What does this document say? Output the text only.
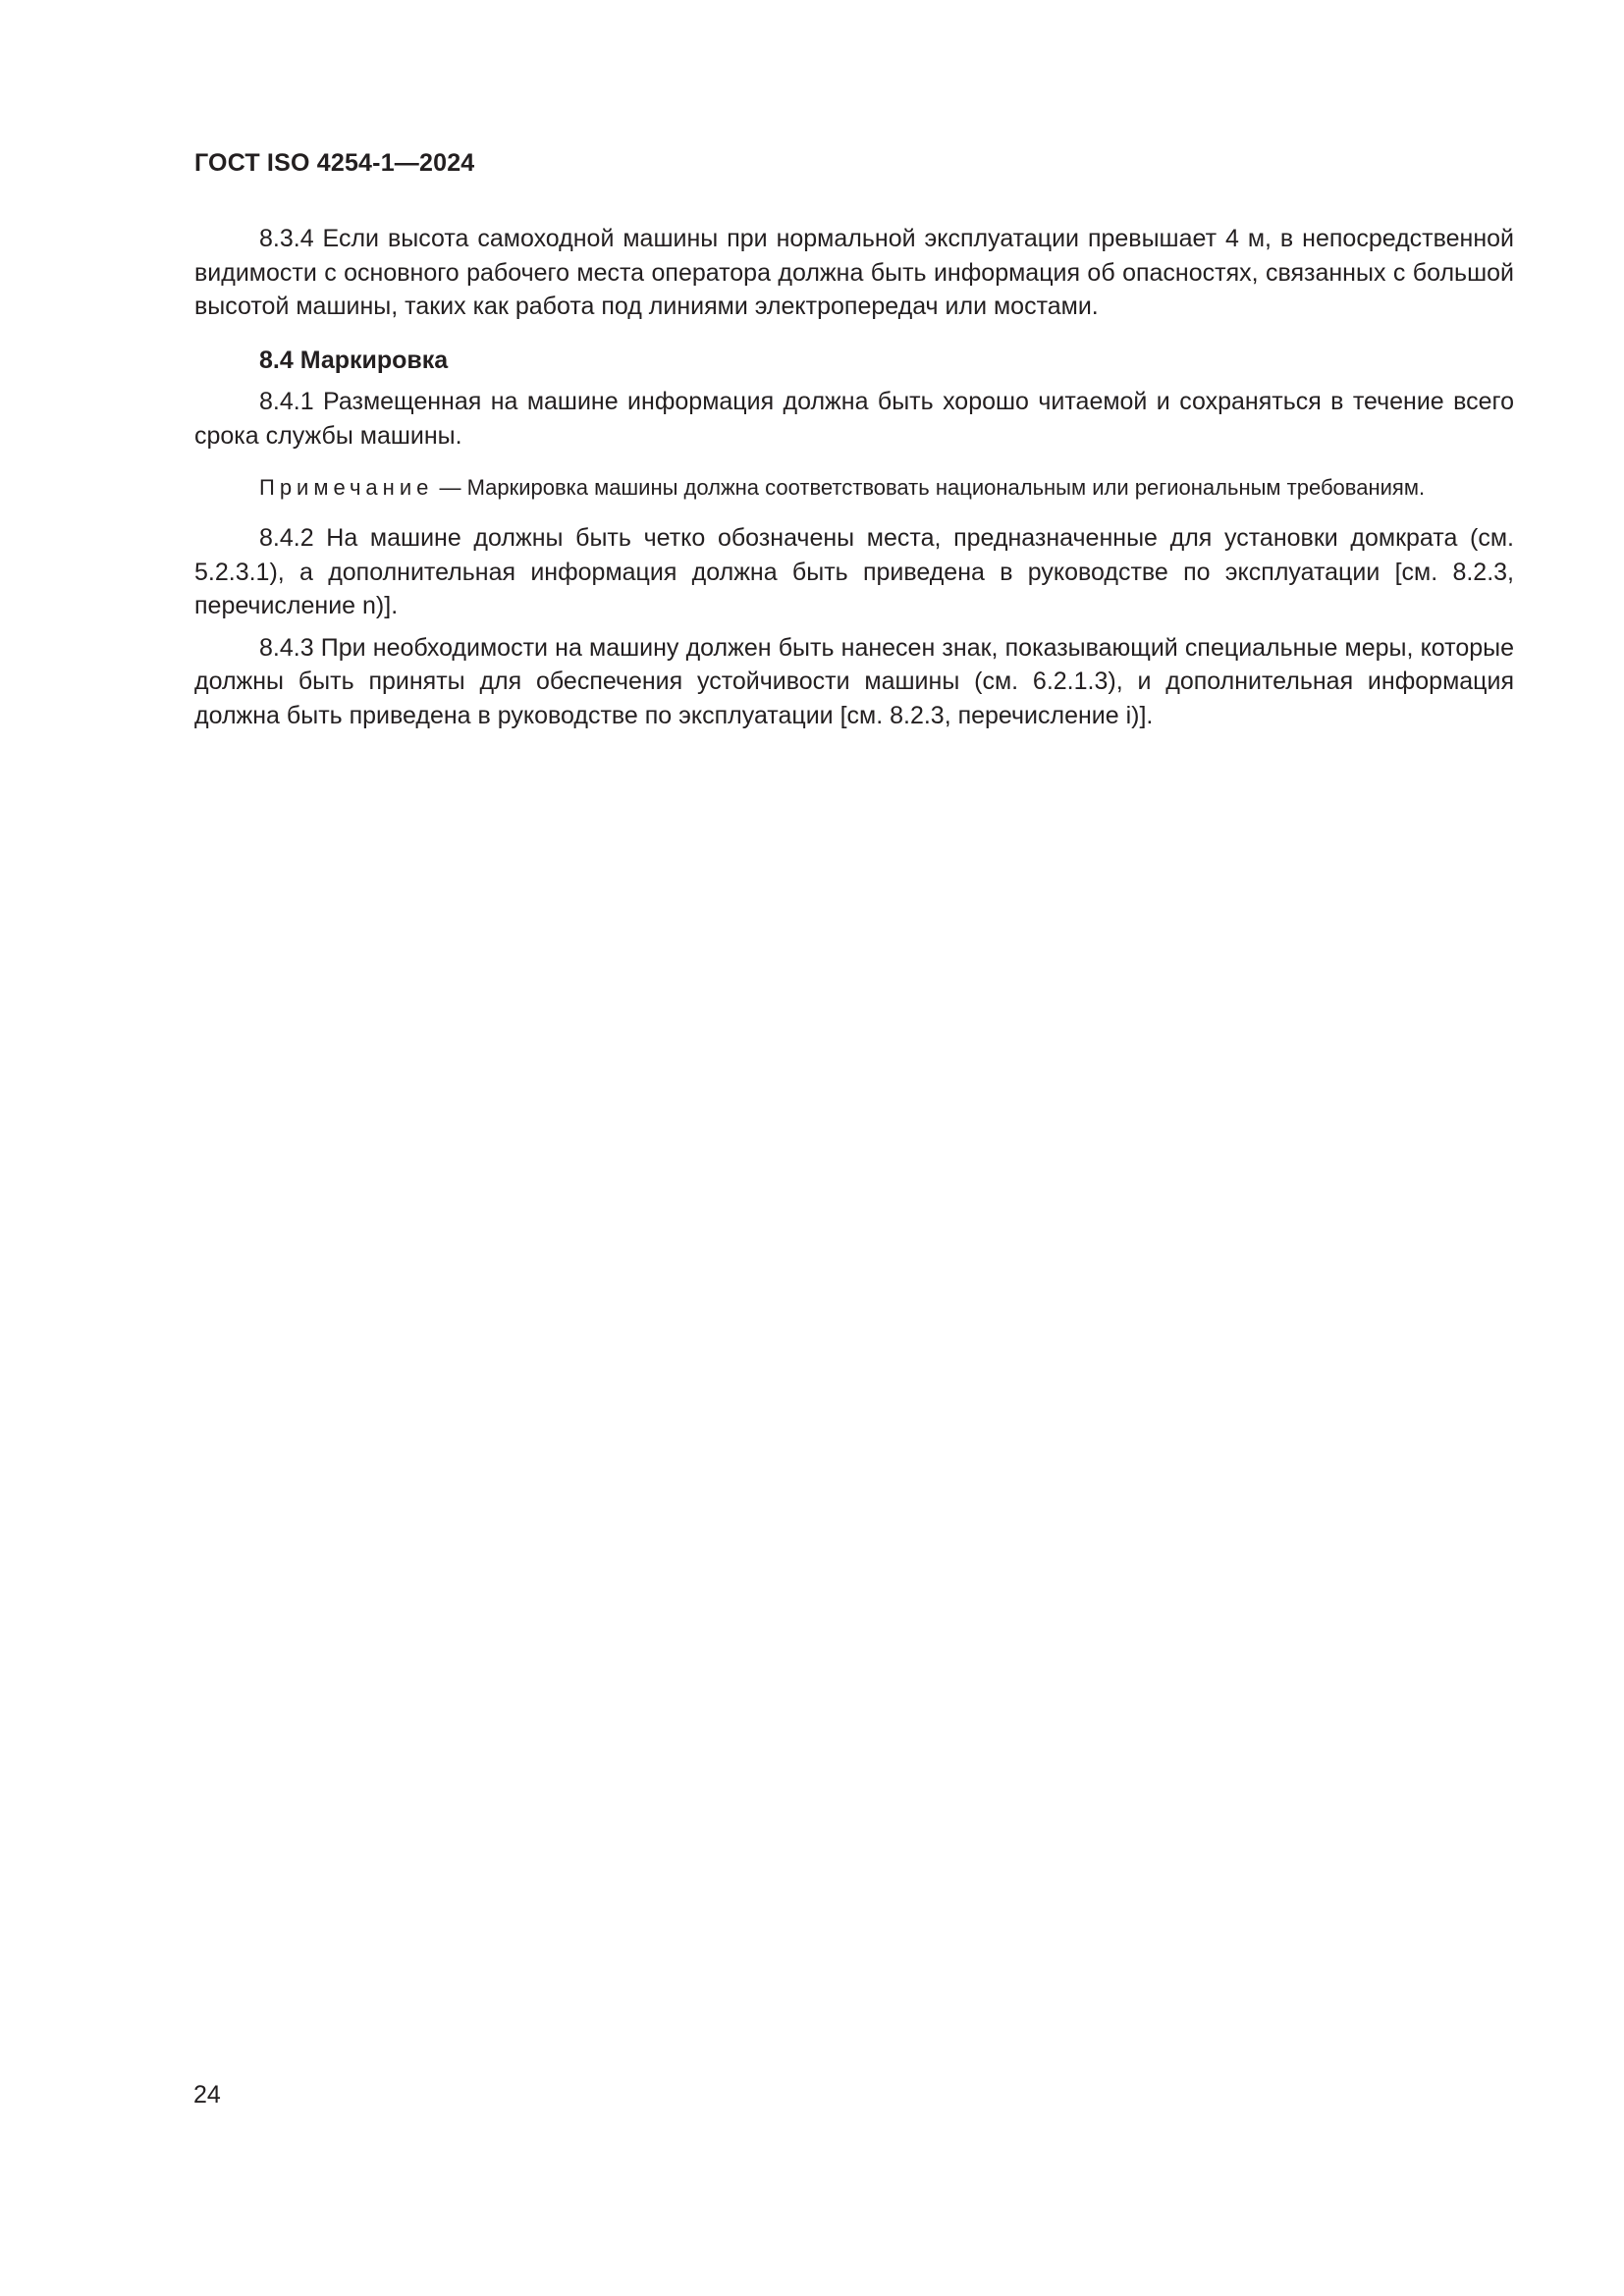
ГОСТ ISO 4254-1—2024

8.3.4 Если высота самоходной машины при нормальной эксплуатации превышает 4 м, в непосредственной видимости с основного рабочего места оператора должна быть информация об опасностях, связанных с большой высотой машины, таких как работа под линиями электропередач или мостами.

8.4 Маркировка

8.4.1 Размещенная на машине информация должна быть хорошо читаемой и сохраняться в течение всего срока службы машины.

Примечание — Маркировка машины должна соответствовать национальным или региональным требованиям.

8.4.2 На машине должны быть четко обозначены места, предназначенные для установки домкрата (см. 5.2.3.1), а дополнительная информация должна быть приведена в руководстве по эксплуатации [см. 8.2.3, перечисление n)].

8.4.3 При необходимости на машину должен быть нанесен знак, показывающий специальные меры, которые должны быть приняты для обеспечения устойчивости машины (см. 6.2.1.3), и дополнительная информация должна быть приведена в руководстве по эксплуатации [см. 8.2.3, перечисление i)].

24
